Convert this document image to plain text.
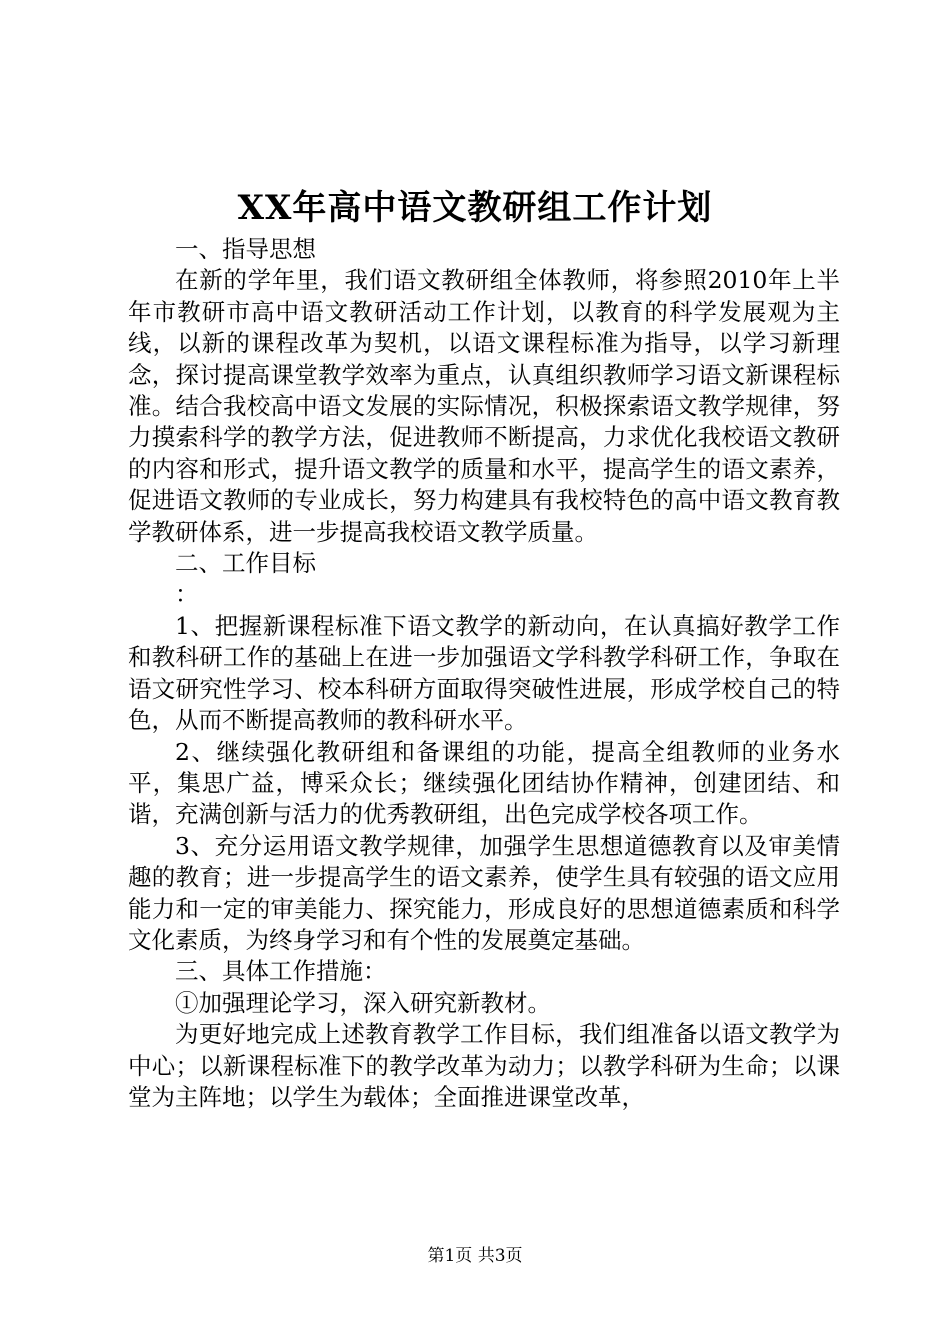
XX年高中语文教研组工作计划

一、指导思想

在新的学年里，我们语文教研组全体教师，将参照2010年上半年市教研市高中语文教研活动工作计划，以教育的科学发展观为主线，以新的课程改革为契机，以语文课程标准为指导，以学习新理念，探讨提高课堂教学效率为重点，认真组织教师学习语文新课程标准。结合我校高中语文发展的实际情况，积极探索语文教学规律，努力摸索科学的教学方法，促进教师不断提高，力求优化我校语文教研的内容和形式，提升语文教学的质量和水平，提高学生的语文素养，促进语文教师的专业成长，努力构建具有我校特色的高中语文教育教学教研体系，进一步提高我校语文教学质量。

二、工作目标

：

1、把握新课程标准下语文教学的新动向，在认真搞好教学工作和教科研工作的基础上在进一步加强语文学科教学科研工作，争取在语文研究性学习、校本科研方面取得突破性进展，形成学校自己的特色，从而不断提高教师的教科研水平。

2、继续强化教研组和备课组的功能，提高全组教师的业务水平，集思广益，博采众长；继续强化团结协作精神，创建团结、和谐，充满创新与活力的优秀教研组，出色完成学校各项工作。

3、充分运用语文教学规律，加强学生思想道德教育以及审美情趣的教育；进一步提高学生的语文素养，使学生具有较强的语文应用能力和一定的审美能力、探究能力，形成良好的思想道德素质和科学文化素质，为终身学习和有个性的发展奠定基础。

三、具体工作措施：

①加强理论学习，深入研究新教材。

为更好地完成上述教育教学工作目标，我们组准备以语文教学为中心；以新课程标准下的教学改革为动力；以教学科研为生命；以课堂为主阵地；以学生为载体；全面推进课堂改革，

第1页 共3页
